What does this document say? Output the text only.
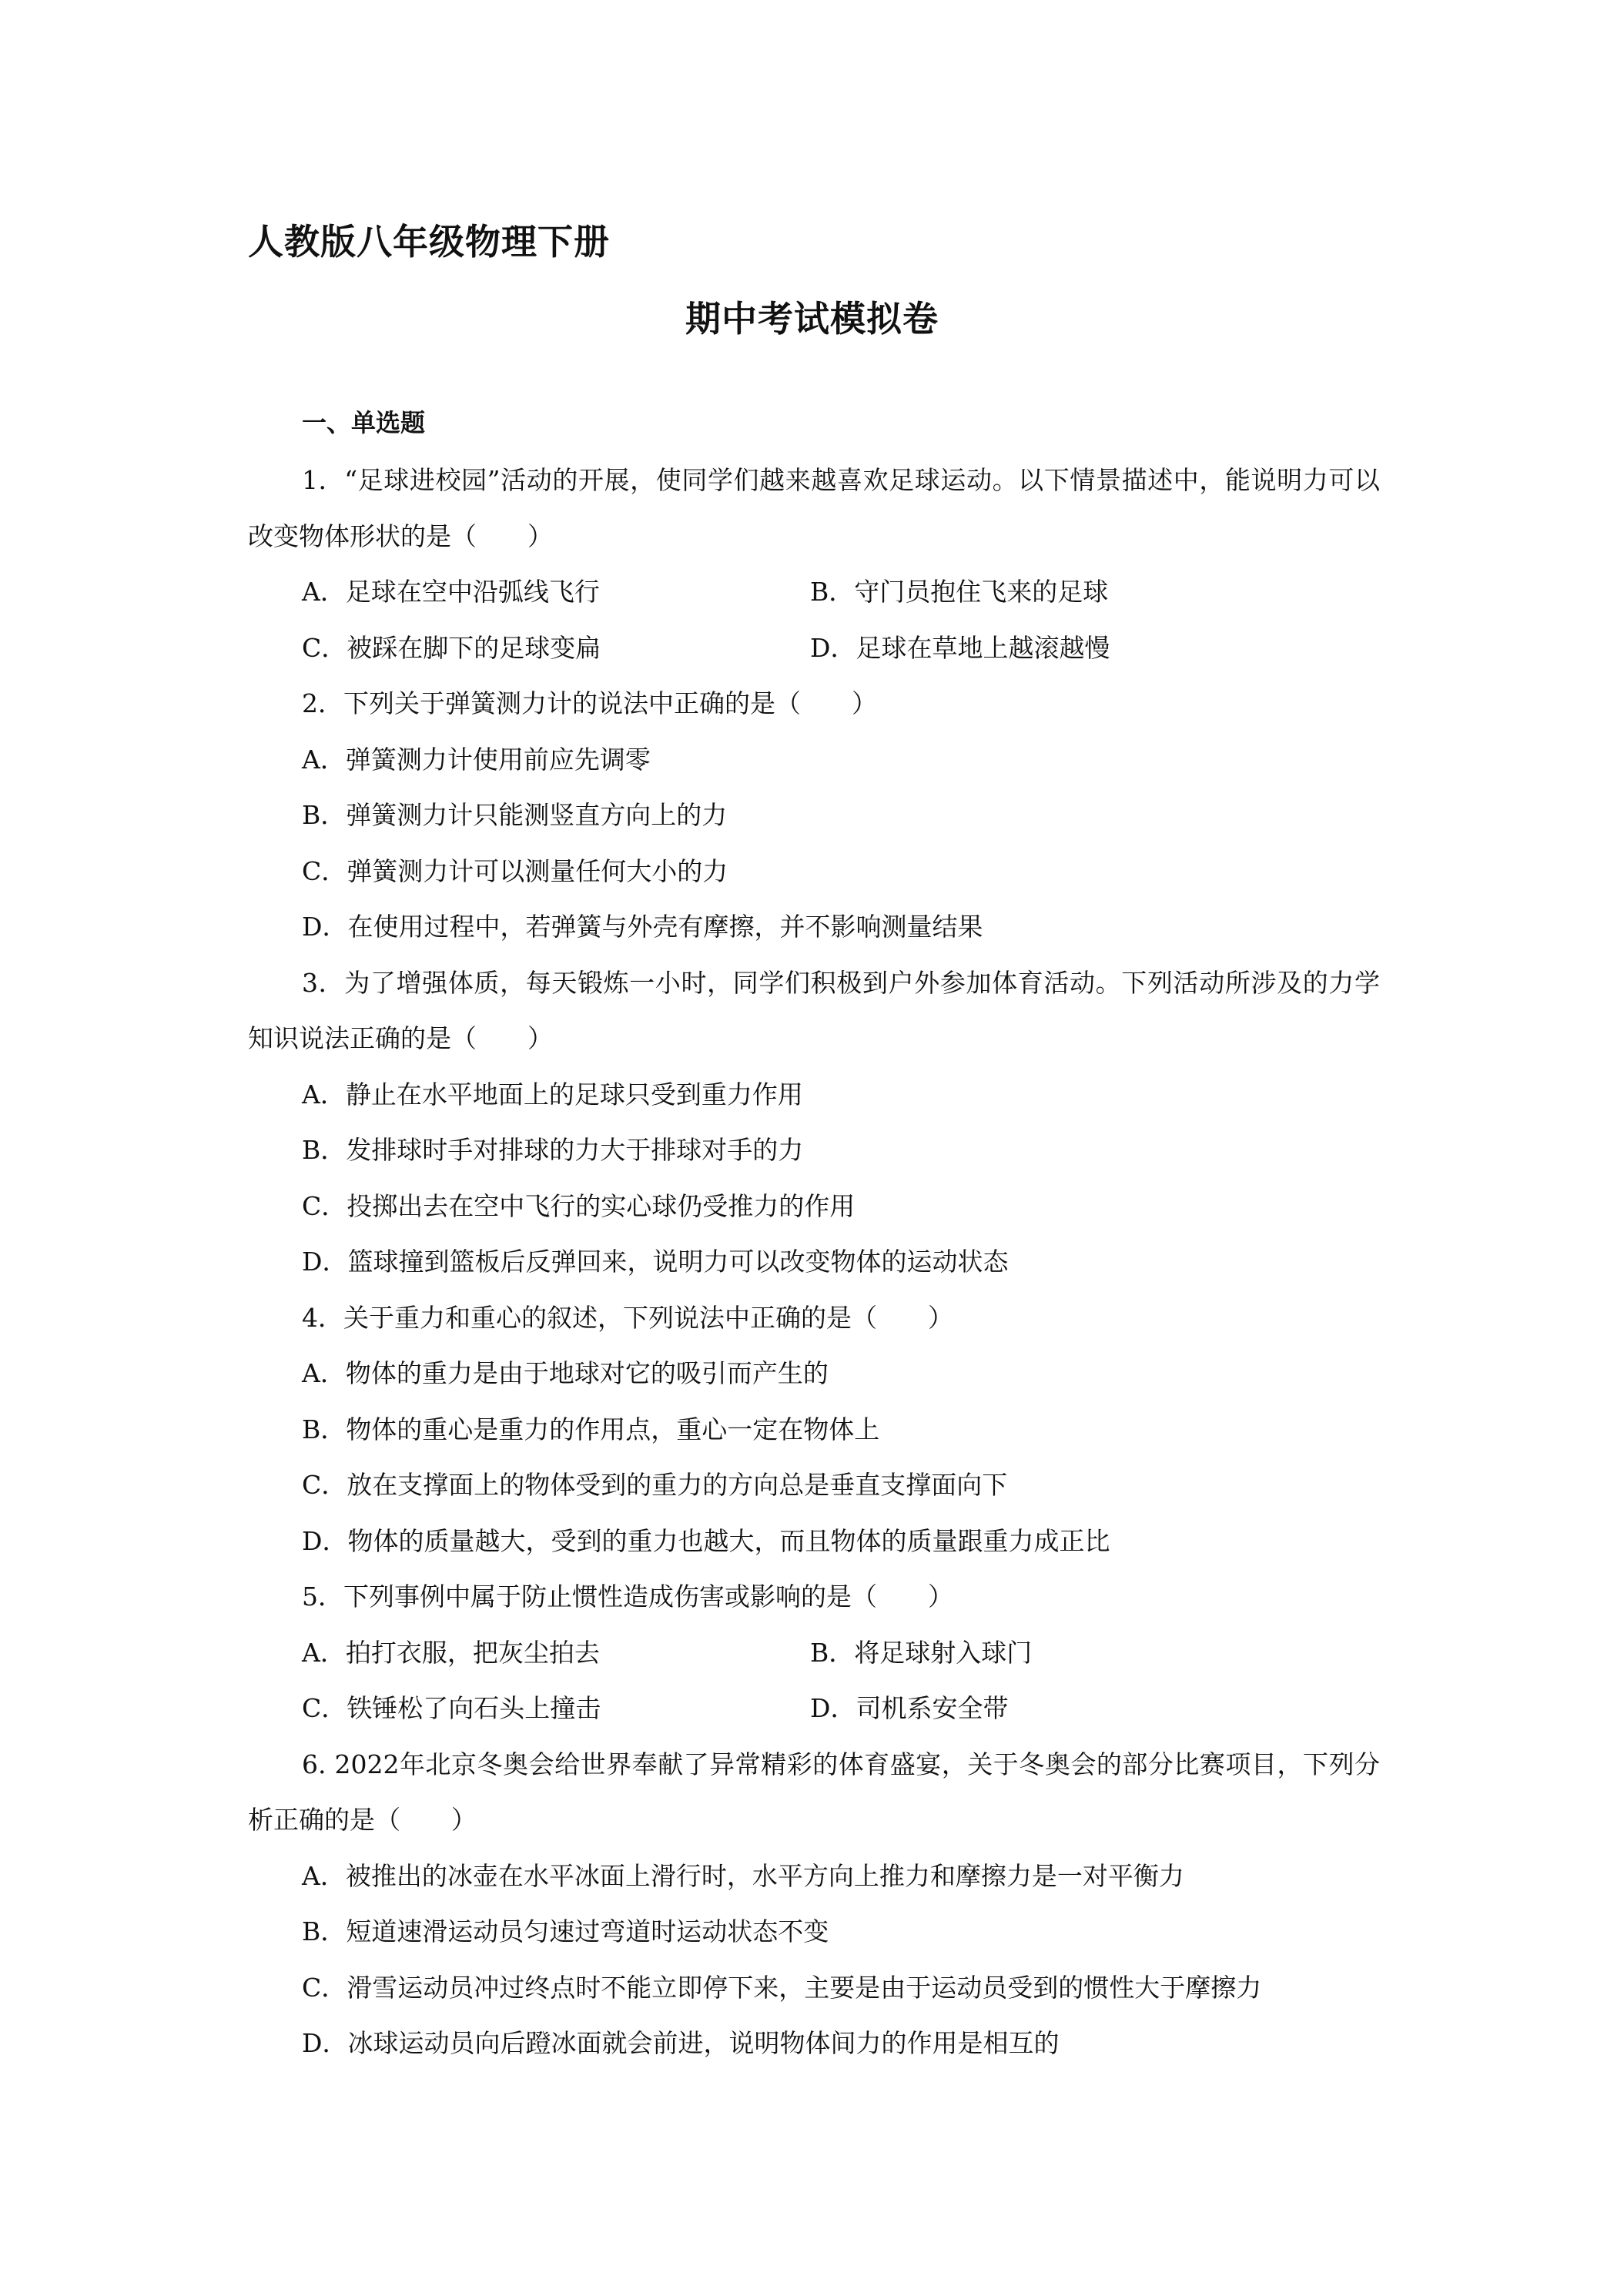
人教版八年级物理下册
期中考试模拟卷
一、单选题
1．“足球进校园”活动的开展，使同学们越来越喜欢足球运动。以下情景描述中，能说明力可以改变物体形状的是（　　）
A．足球在空中沿弧线飞行	B．守门员抱住飞来的足球
C．被踩在脚下的足球变扁	D．足球在草地上越滚越慢
2．下列关于弹簧测力计的说法中正确的是（　　）
A．弹簧测力计使用前应先调零
B．弹簧测力计只能测竖直方向上的力
C．弹簧测力计可以测量任何大小的力
D．在使用过程中，若弹簧与外壳有摩擦，并不影响测量结果
3．为了增强体质，每天锻炼一小时，同学们积极到户外参加体育活动。下列活动所涉及的力学知识说法正确的是（　　）
A．静止在水平地面上的足球只受到重力作用
B．发排球时手对排球的力大于排球对手的力
C．投掷出去在空中飞行的实心球仍受推力的作用
D．篮球撞到篮板后反弹回来，说明力可以改变物体的运动状态
4．关于重力和重心的叙述，下列说法中正确的是（　　）
A．物体的重力是由于地球对它的吸引而产生的
B．物体的重心是重力的作用点，重心一定在物体上
C．放在支撑面上的物体受到的重力的方向总是垂直支撑面向下
D．物体的质量越大，受到的重力也越大，而且物体的质量跟重力成正比
5．下列事例中属于防止惯性造成伤害或影响的是（　　）
A．拍打衣服，把灰尘拍去	B．将足球射入球门
C．铁锤松了向石头上撞击	D．司机系安全带
6. 2022年北京冬奥会给世界奉献了异常精彩的体育盛宴，关于冬奥会的部分比赛项目，下列分析正确的是（　　）
A．被推出的冰壶在水平冰面上滑行时，水平方向上推力和摩擦力是一对平衡力
B．短道速滑运动员匀速过弯道时运动状态不变
C．滑雪运动员冲过终点时不能立即停下来，主要是由于运动员受到的惯性大于摩擦力
D．冰球运动员向后蹬冰面就会前进，说明物体间力的作用是相互的
